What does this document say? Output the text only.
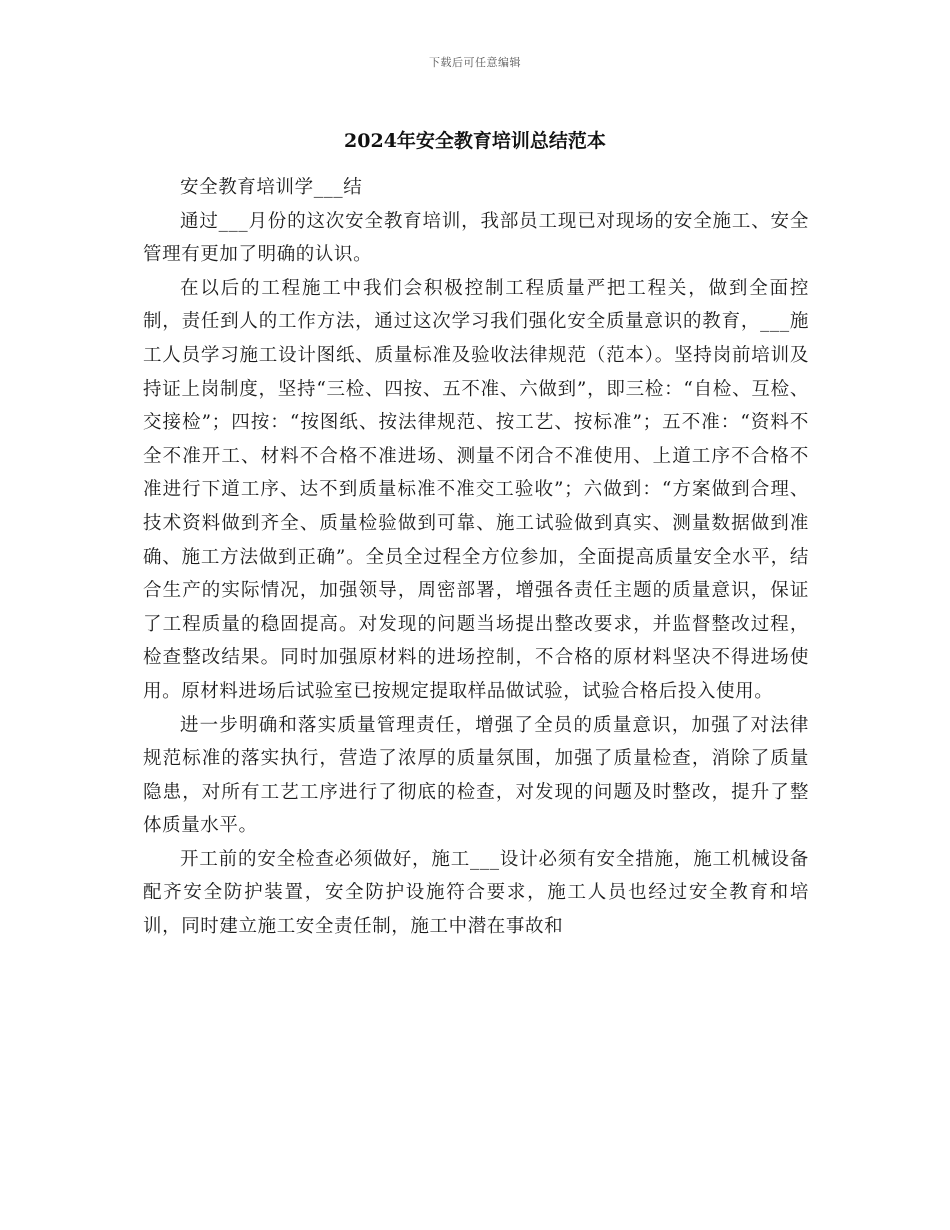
下载后可任意编辑
2024年安全教育培训总结范本

安全教育培训学___结

通过___月份的这次安全教育培训，我部员工现已对现场的安全施工、安全管理有更加了明确的认识。

在以后的工程施工中我们会积极控制工程质量严把工程关，做到全面控制，责任到人的工作方法，通过这次学习我们强化安全质量意识的教育，___施工人员学习施工设计图纸、质量标准及验收法律规范（范本）。坚持岗前培训及持证上岗制度，坚持“三检、四按、五不准、六做到”，即三检：“自检、互检、交接检”；四按：“按图纸、按法律规范、按工艺、按标准”；五不准：“资料不全不准开工、材料不合格不准进场、测量不闭合不准使用、上道工序不合格不准进行下道工序、达不到质量标准不准交工验收”；六做到：“方案做到合理、技术资料做到齐全、质量检验做到可靠、施工试验做到真实、测量数据做到准确、施工方法做到正确”。全员全过程全方位参加，全面提高质量安全水平，结合生产的实际情况，加强领导，周密部署，增强各责任主题的质量意识，保证了工程质量的稳固提高。对发现的问题当场提出整改要求，并监督整改过程，检查整改结果。同时加强原材料的进场控制，不合格的原材料坚决不得进场使用。原材料进场后试验室已按规定提取样品做试验，试验合格后投入使用。

进一步明确和落实质量管理责任，增强了全员的质量意识，加强了对法律规范标准的落实执行，营造了浓厚的质量氛围，加强了质量检查，消除了质量隐患，对所有工艺工序进行了彻底的检查，对发现的问题及时整改，提升了整体质量水平。

开工前的安全检查必须做好，施工___设计必须有安全措施，施工机械设备配齐安全防护装置，安全防护设施符合要求，施工人员也经过安全教育和培训，同时建立施工安全责任制，施工中潜在事故和
